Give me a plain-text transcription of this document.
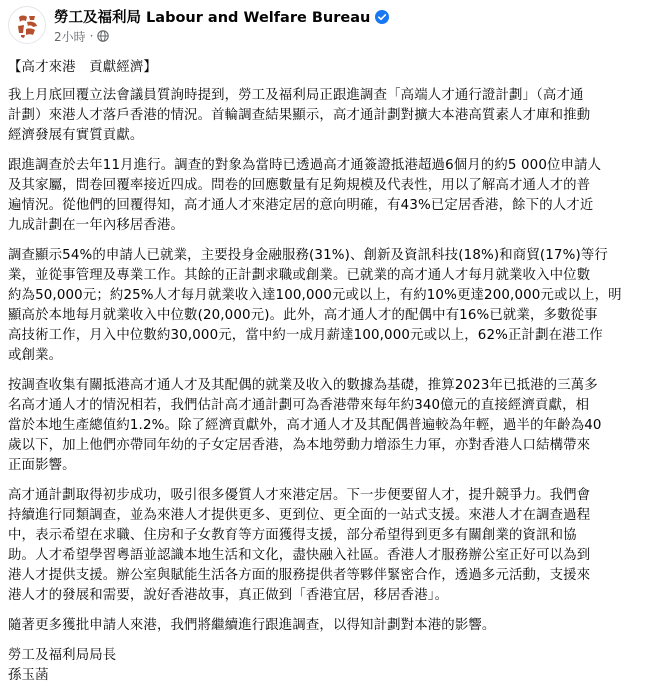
勞工及福利局 Labour and Welfare Bureau
2小時 ·

【高才來港　貢獻經濟】

我上月底回覆立法會議員質詢時提到，勞工及福利局正跟進調查「高端人才通行證計劃」（高才通
計劃）來港人才落戶香港的情況。首輪調查結果顯示，高才通計劃對擴大本港高質素人才庫和推動
經濟發展有實質貢獻。

跟進調查於去年11月進行。調查的對象為當時已透過高才通簽證抵港超過6個月的約5 000位申請人
及其家屬，問卷回覆率接近四成。問卷的回應數量有足夠規模及代表性，用以了解高才通人才的普
遍情況。從他們的回覆得知，高才通人才來港定居的意向明確，有43%已定居香港，餘下的人才近
九成計劃在一年內移居香港。

調查顯示54%的申請人已就業，主要投身金融服務(31%)、創新及資訊科技(18%)和商貿(17%)等行
業，並從事管理及專業工作。其餘的正計劃求職或創業。已就業的高才通人才每月就業收入中位數
約為50,000元；約25%人才每月就業收入達100,000元或以上，有約10%更達200,000元或以上，明
顯高於本地每月就業收入中位數(20,000元)。此外，高才通人才的配偶中有16%已就業，多數從事
高技術工作，月入中位數約30,000元，當中約一成月薪達100,000元或以上，62%正計劃在港工作
或創業。

按調查收集有關抵港高才通人才及其配偶的就業及收入的數據為基礎，推算2023年已抵港的三萬多
名高才通人才的情況相若，我們估計高才通計劃可為香港帶來每年約340億元的直接經濟貢獻，相
當於本地生產總值約1.2%。除了經濟貢獻外，高才通人才及其配偶普遍較為年輕，過半的年齡為40
歲以下，加上他們亦帶同年幼的子女定居香港，為本地勞動力增添生力軍，亦對香港人口結構帶來
正面影響。

高才通計劃取得初步成功，吸引很多優質人才來港定居。下一步便要留人才，提升競爭力。我們會
持續進行同類調查，並為來港人才提供更多、更到位、更全面的一站式支援。來港人才在調查過程
中，表示希望在求職、住房和子女教育等方面獲得支援，部分希望得到更多有關創業的資訊和協
助。人才希望學習粵語並認識本地生活和文化，盡快融入社區。香港人才服務辦公室正好可以為到
港人才提供支援。辦公室與賦能生活各方面的服務提供者等夥伴緊密合作，透過多元活動，支援來
港人才的發展和需要，說好香港故事，真正做到「香港宜居，移居香港」。

隨著更多獲批申請人來港，我們將繼續進行跟進調查，以得知計劃對本港的影響。

勞工及福利局局長
孫玉菡
